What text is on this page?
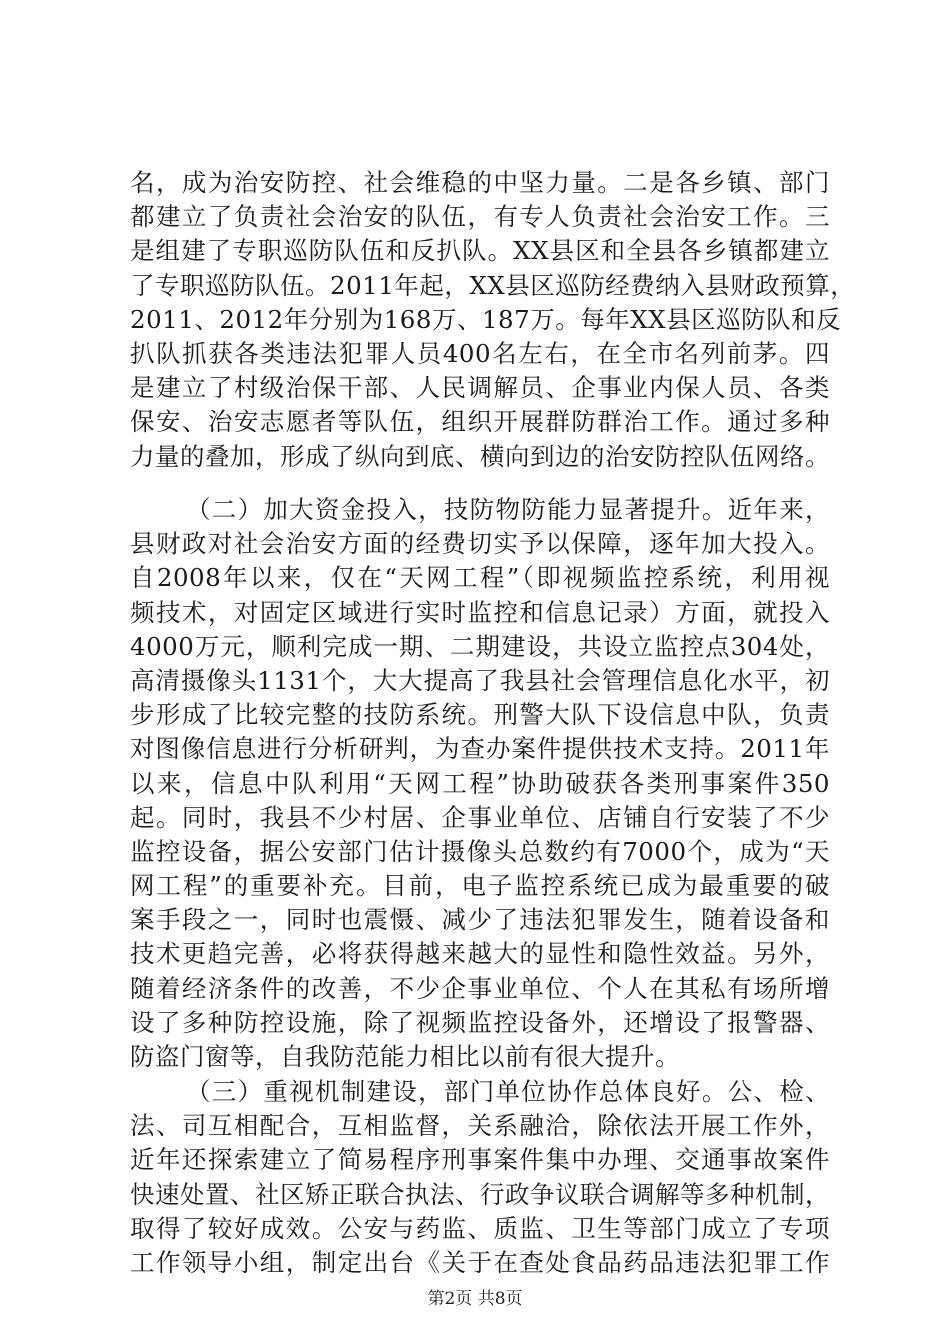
名，成为治安防控、社会维稳的中坚力量。二是各乡镇、部门
都建立了负责社会治安的队伍，有专人负责社会治安工作。三
是组建了专职巡防队伍和反扒队。XX县区和全县各乡镇都建立
了专职巡防队伍。2011年起，XX县区巡防经费纳入县财政预算，
2011、2012年分别为168万、187万。每年XX县区巡防队和反
扒队抓获各类违法犯罪人员400名左右，在全市名列前茅。四
是建立了村级治保干部、人民调解员、企事业内保人员、各类
保安、治安志愿者等队伍，组织开展群防群治工作。通过多种
力量的叠加，形成了纵向到底、横向到边的治安防控队伍网络。
（二）加大资金投入，技防物防能力显著提升。近年来，
县财政对社会治安方面的经费切实予以保障，逐年加大投入。
自2008年以来，仅在“天网工程”（即视频监控系统，利用视
频技术，对固定区域进行实时监控和信息记录）方面，就投入
4000万元，顺利完成一期、二期建设，共设立监控点304处，
高清摄像头1131个，大大提高了我县社会管理信息化水平，初
步形成了比较完整的技防系统。刑警大队下设信息中队，负责
对图像信息进行分析研判，为查办案件提供技术支持。2011年
以来，信息中队利用“天网工程”协助破获各类刑事案件350
起。同时，我县不少村居、企事业单位、店铺自行安装了不少
监控设备，据公安部门估计摄像头总数约有7000个，成为“天
网工程”的重要补充。目前，电子监控系统已成为最重要的破
案手段之一，同时也震慑、减少了违法犯罪发生，随着设备和
技术更趋完善，必将获得越来越大的显性和隐性效益。另外，
随着经济条件的改善，不少企事业单位、个人在其私有场所增
设了多种防控设施，除了视频监控设备外，还增设了报警器、
防盗门窗等，自我防范能力相比以前有很大提升。
（三）重视机制建设，部门单位协作总体良好。公、检、
法、司互相配合，互相监督，关系融洽，除依法开展工作外，
近年还探索建立了简易程序刑事案件集中办理、交通事故案件
快速处置、社区矫正联合执法、行政争议联合调解等多种机制，
取得了较好成效。公安与药监、质监、卫生等部门成立了专项
工作领导小组，制定出台《关于在查处食品药品违法犯罪工作
第2页 共8页
